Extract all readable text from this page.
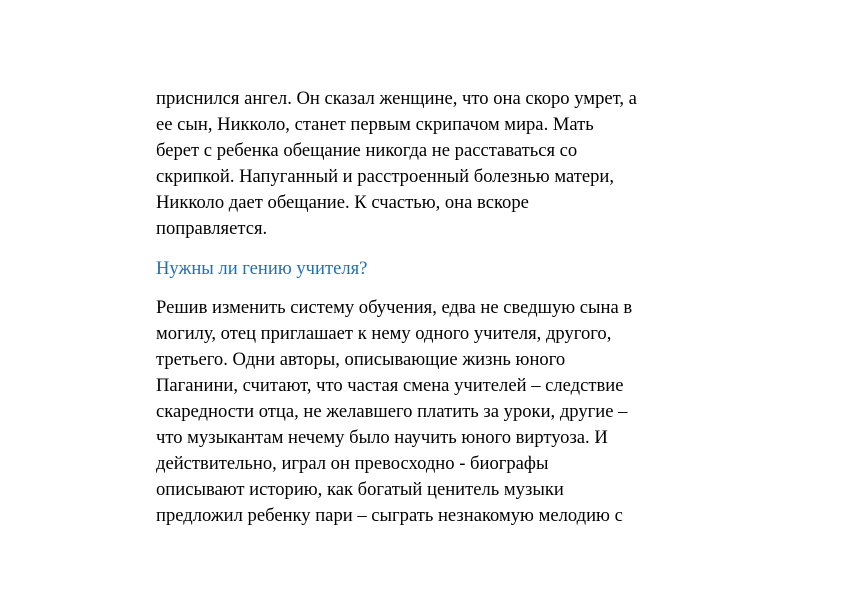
приснился ангел. Он сказал женщине, что она скоро умрет, а
ее сын, Никколо, станет первым скрипачом мира. Мать
берет с ребенка обещание никогда не расставаться со
скрипкой. Напуганный и расстроенный болезнью матери,
Никколо дает обещание. К счастью, она вскоре
поправляется.
Нужны ли гению учителя?
Решив изменить систему обучения, едва не сведшую сына в
могилу, отец приглашает к нему одного учителя, другого,
третьего. Одни авторы, описывающие жизнь юного
Паганини, считают, что частая смена учителей – следствие
скаредности отца, не желавшего платить за уроки, другие –
что музыкантам нечему было научить юного виртуоза. И
действительно, играл он превосходно - биографы
описывают историю, как богатый ценитель музыки
предложил ребенку пари – сыграть незнакомую мелодию с
